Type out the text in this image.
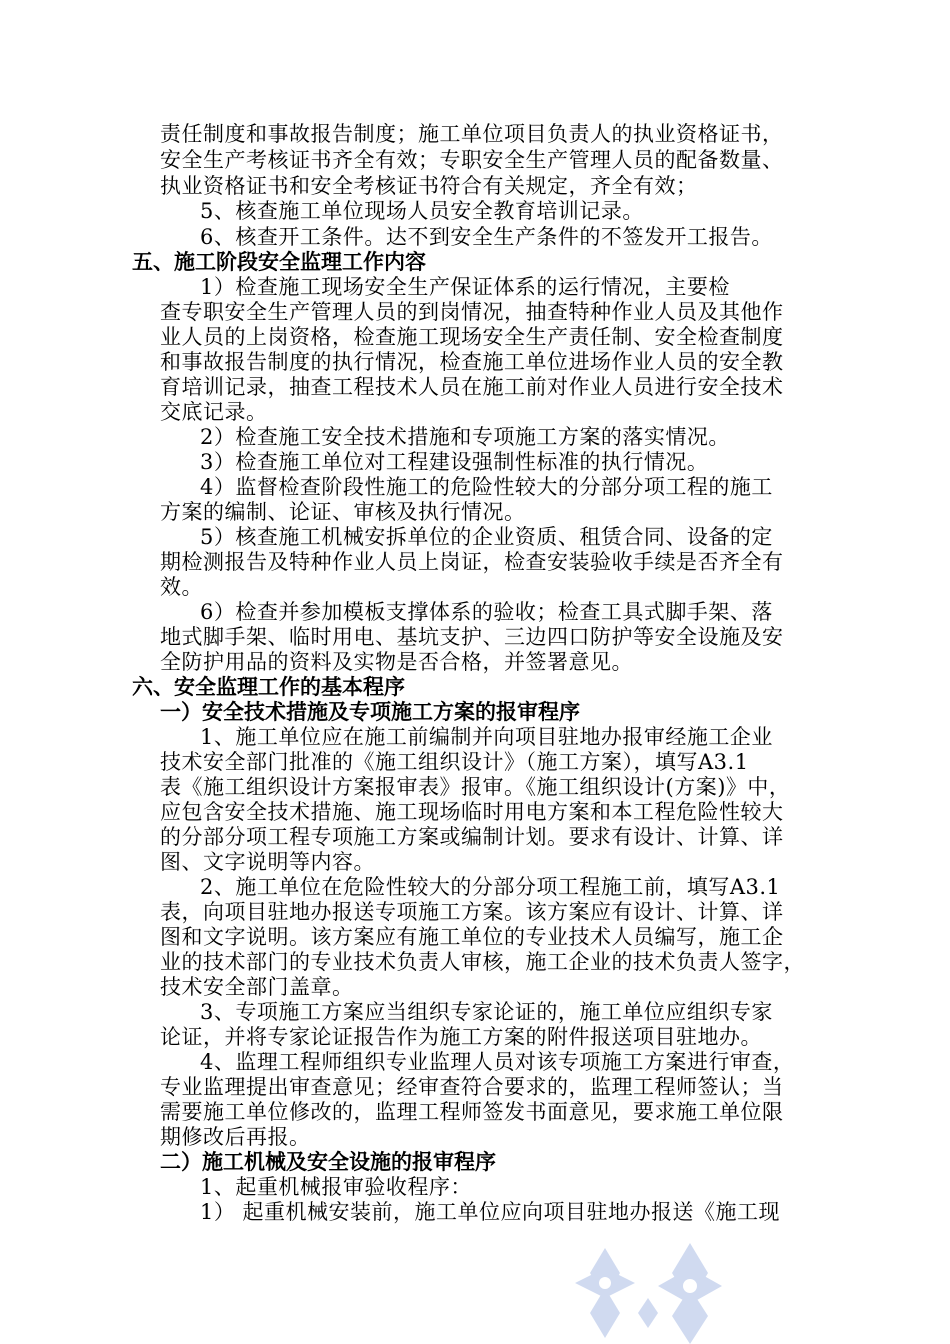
责任制度和事故报告制度；施工单位项目负责人的执业资格证书，
安全生产考核证书齐全有效；专职安全生产管理人员的配备数量、
执业资格证书和安全考核证书符合有关规定，齐全有效；
5、核查施工单位现场人员安全教育培训记录。
6、核查开工条件。达不到安全生产条件的不签发开工报告。
五、施工阶段安全监理工作内容
1）检查施工现场安全生产保证体系的运行情况，主要检
查专职安全生产管理人员的到岗情况，抽查特种作业人员及其他作
业人员的上岗资格，检查施工现场安全生产责任制、安全检查制度
和事故报告制度的执行情况，检查施工单位进场作业人员的安全教
育培训记录，抽查工程技术人员在施工前对作业人员进行安全技术
交底记录。
2）检查施工安全技术措施和专项施工方案的落实情况。
3）检查施工单位对工程建设强制性标准的执行情况。
4）监督检查阶段性施工的危险性较大的分部分项工程的施工
方案的编制、论证、审核及执行情况。
5）核查施工机械安拆单位的企业资质、租赁合同、设备的定
期检测报告及特种作业人员上岗证，检查安装验收手续是否齐全有
效。
6）检查并参加模板支撑体系的验收；检查工具式脚手架、落
地式脚手架、临时用电、基坑支护、三边四口防护等安全设施及安
全防护用品的资料及实物是否合格，并签署意见。
六、安全监理工作的基本程序
一）安全技术措施及专项施工方案的报审程序
1、施工单位应在施工前编制并向项目驻地办报审经施工企业
技术安全部门批准的《施工组织设计》（施工方案），填写A3.1
表《施工组织设计方案报审表》报审。《施工组织设计(方案)》中，
应包含安全技术措施、施工现场临时用电方案和本工程危险性较大
的分部分项工程专项施工方案或编制计划。要求有设计、计算、详
图、文字说明等内容。
2、施工单位在危险性较大的分部分项工程施工前，填写A3.1
表，向项目驻地办报送专项施工方案。该方案应有设计、计算、详
图和文字说明。该方案应有施工单位的专业技术人员编写，施工企
业的技术部门的专业技术负责人审核，施工企业的技术负责人签字，
技术安全部门盖章。
3、专项施工方案应当组织专家论证的，施工单位应组织专家
论证，并将专家论证报告作为施工方案的附件报送项目驻地办。
4、监理工程师组织专业监理人员对该专项施工方案进行审查，
专业监理提出审查意见；经审查符合要求的，监理工程师签认；当
需要施工单位修改的，监理工程师签发书面意见，要求施工单位限
期修改后再报。
二）施工机械及安全设施的报审程序
1、起重机械报审验收程序：
1） 起重机械安装前，施工单位应向项目驻地办报送《施工现
